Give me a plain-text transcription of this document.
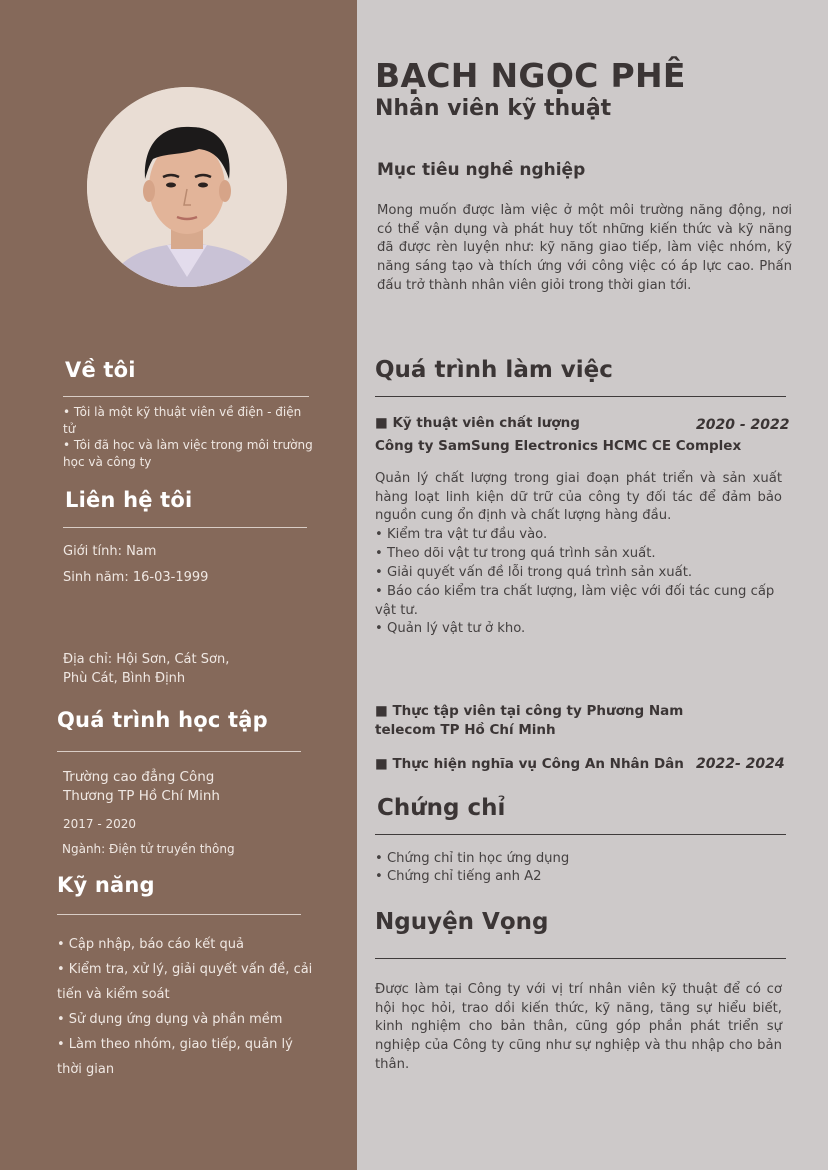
Về tôi
• Tôi là một kỹ thuật viên về điện - điện tử
• Tôi đã học và làm việc trong môi trường học và công ty
Liên hệ tôi
Giới tính: Nam
Sinh năm: 16-03-1999
Địa chỉ: Hội Sơn, Cát Sơn,
Phù Cát, Bình Định
Quá trình học tập
Trường cao đẳng Công
Thương TP Hồ Chí Minh
2017 - 2020
Ngành: Điện tử truyền thông
Kỹ năng
• Cập nhập, báo cáo kết quả
• Kiểm tra, xử lý, giải quyết vấn đề, cải
tiến và kiểm soát
• Sử dụng ứng dụng và phần mềm
• Làm theo nhóm, giao tiếp, quản lý
thời gian
BẠCH NGỌC PHÊ
Nhân viên kỹ thuật
Mục tiêu nghề nghiệp
Mong muốn được làm việc ở một môi trường năng động, nơi có thể vận dụng và phát huy tốt những kiến thức và kỹ năng đã được rèn luyện như: kỹ năng giao tiếp, làm việc nhóm, kỹ năng sáng tạo và thích ứng với công việc có áp lực cao. Phấn đấu trở thành nhân viên giỏi trong thời gian tới.
Quá trình làm việc
■ Kỹ thuật viên chất lượng	2020 - 2022
Công ty SamSung Electronics HCMC CE Complex
Quản lý chất lượng trong giai đoạn phát triển và sản xuất hàng loạt linh kiện dữ trữ của công ty đối tác để đảm bảo nguồn cung ổn định và chất lượng hàng đầu.
• Kiểm tra vật tư đầu vào.
• Theo dõi vật tư trong quá trình sản xuất.
• Giải quyết vấn đề lỗi trong quá trình sản xuất.
• Báo cáo kiểm tra chất lượng, làm việc với đối tác cung cấp vật tư.
• Quản lý vật tư ở kho.
■ Thực tập viên tại công ty Phương Nam
telecom TP Hồ Chí Minh
■ Thực hiện nghĩa vụ Công An Nhân Dân 2022- 2024
Chứng chỉ
• Chứng chỉ tin học ứng dụng
• Chứng chỉ tiếng anh A2
Nguyện Vọng
Được làm tại Công ty với vị trí nhân viên kỹ thuật để có cơ hội học hỏi, trao dồi kiến thức, kỹ năng, tăng sự hiểu biết, kinh nghiệm cho bản thân, cũng góp phần phát triển sự nghiệp của Công ty cũng như sự nghiệp và thu nhập cho bản thân.
